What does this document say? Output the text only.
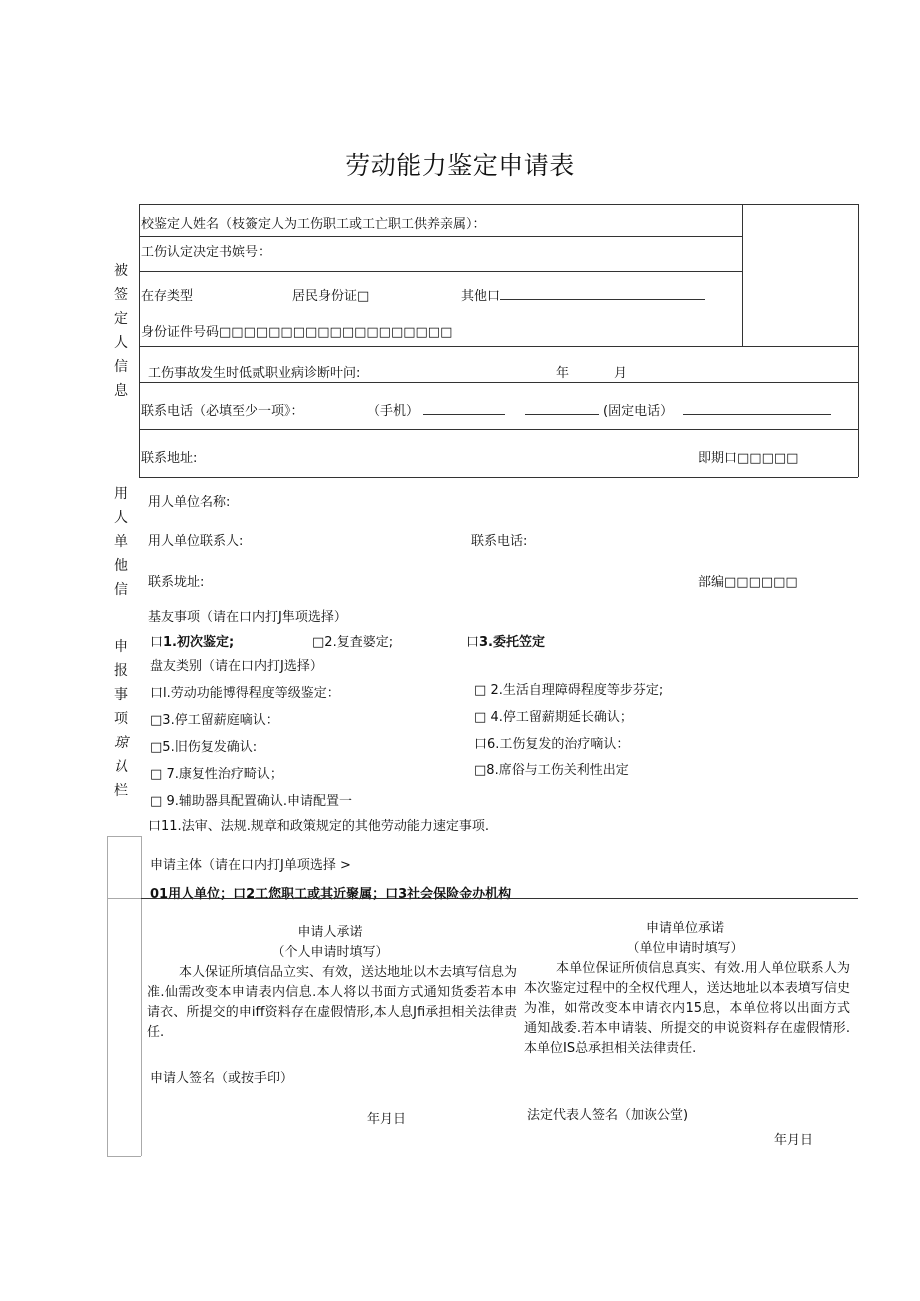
劳动能力鉴定申请表
被
签
定
人
信
息
校鉴定人姓名（枝簽定人为工伤职工或工亡职工供养亲属）：
工伤认定决定书嫔号：
在存类型	居民身份证□	其他口
身份证件号码□□□□□□□□□□□□□□□□□□□
工伤事故发生时低贰职业病诊断叶问:	年	月
联系电话（必填至少一项》：	（手机）	(固定电话）
联系地址:	即期口□□□□□
用
人
单
他
信
用人单位名称:
用人单位联系人:	联系电话:
联系垅址:	部编□□□□□□
申
报
事
项
琼
认
栏
基友事项（请在口内打J隼项选择）
口1.初次鉴定;	□2.复査婆定;	口3.委托笠定
盘友类别（请在口内打J选择）
口l.劳动功能博得程度等级鉴定：	□ 2.生活自理障碍程度等步芬定;
□3.停工留薪庭嘀认：	□ 4.停工留薪期延长确认；
□5.旧伤复发确认:	口6.工伤复发的治疗嘀认：
□ 7.康复性治疗畸认；	□8.席俗与工伤关利性出定
□ 9.辅助器具配置确认.申请配置一
口11.法审、法规.规章和政策规定的其他劳动能力速定事项.
申请主体（请在口内打J单项选择 >
01用人单位；口2工您职工或其近聚属；口3社会保险金办机构
申请人承诺
（个人申请时填写）
本人保证所填信品立实、有效，送达地址以木去填写信息为准.仙需改变本申请表内信息.本人将以书面方式通知货委若本申请衣、所提交的申iff资料存在虚假情形,本人息Jfi承担相关法律责任.
申请人签名（或按手印）
年月日
申请单位承诺
（单位申请时填写）
本单位保证所侦信息真实、有效.用人单位联系人为本次鉴定过程中的全权代理人，送达地址以本表墳写信史为准，如常改变本申请衣内15息，本单位将以出面方式通知战委.若本申请装、所提交的申说资料存在虚假情形.本单位IS总承担相关法律责任.
法定代表人签名（加诙公堂)
年月日
